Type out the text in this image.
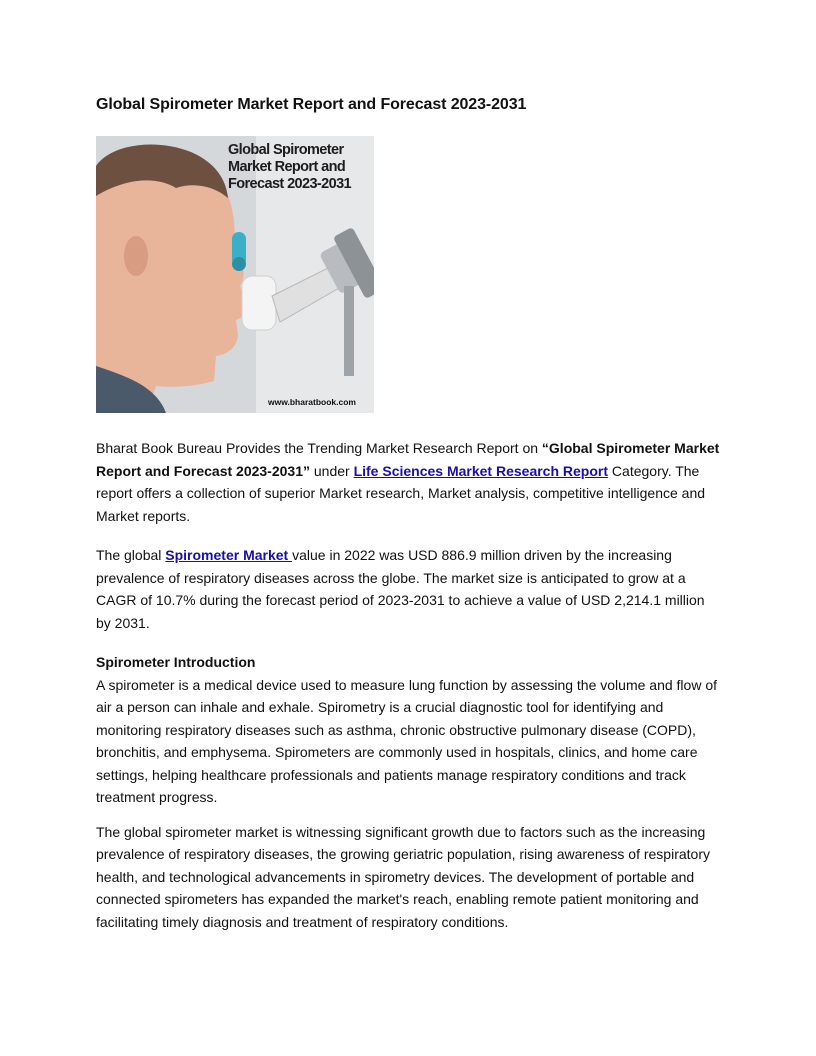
Global Spirometer Market Report and Forecast 2023-2031
Global Spirometer Market Report and Forecast 2023-2031
www.bharatbook.com

Bharat Book Bureau Provides the Trending Market Research Report on “Global Spirometer Market Report and Forecast 2023-2031” under Life Sciences Market Research Report Category. The report offers a collection of superior Market research, Market analysis, competitive intelligence and Market reports.

The global Spirometer Market value in 2022 was USD 886.9 million driven by the increasing prevalence of respiratory diseases across the globe. The market size is anticipated to grow at a CAGR of 10.7% during the forecast period of 2023-2031 to achieve a value of USD 2,214.1 million by 2031.

Spirometer Introduction

A spirometer is a medical device used to measure lung function by assessing the volume and flow of air a person can inhale and exhale. Spirometry is a crucial diagnostic tool for identifying and monitoring respiratory diseases such as asthma, chronic obstructive pulmonary disease (COPD), bronchitis, and emphysema. Spirometers are commonly used in hospitals, clinics, and home care settings, helping healthcare professionals and patients manage respiratory conditions and track treatment progress.

The global spirometer market is witnessing significant growth due to factors such as the increasing prevalence of respiratory diseases, the growing geriatric population, rising awareness of respiratory health, and technological advancements in spirometry devices. The development of portable and connected spirometers has expanded the market's reach, enabling remote patient monitoring and facilitating timely diagnosis and treatment of respiratory conditions.
